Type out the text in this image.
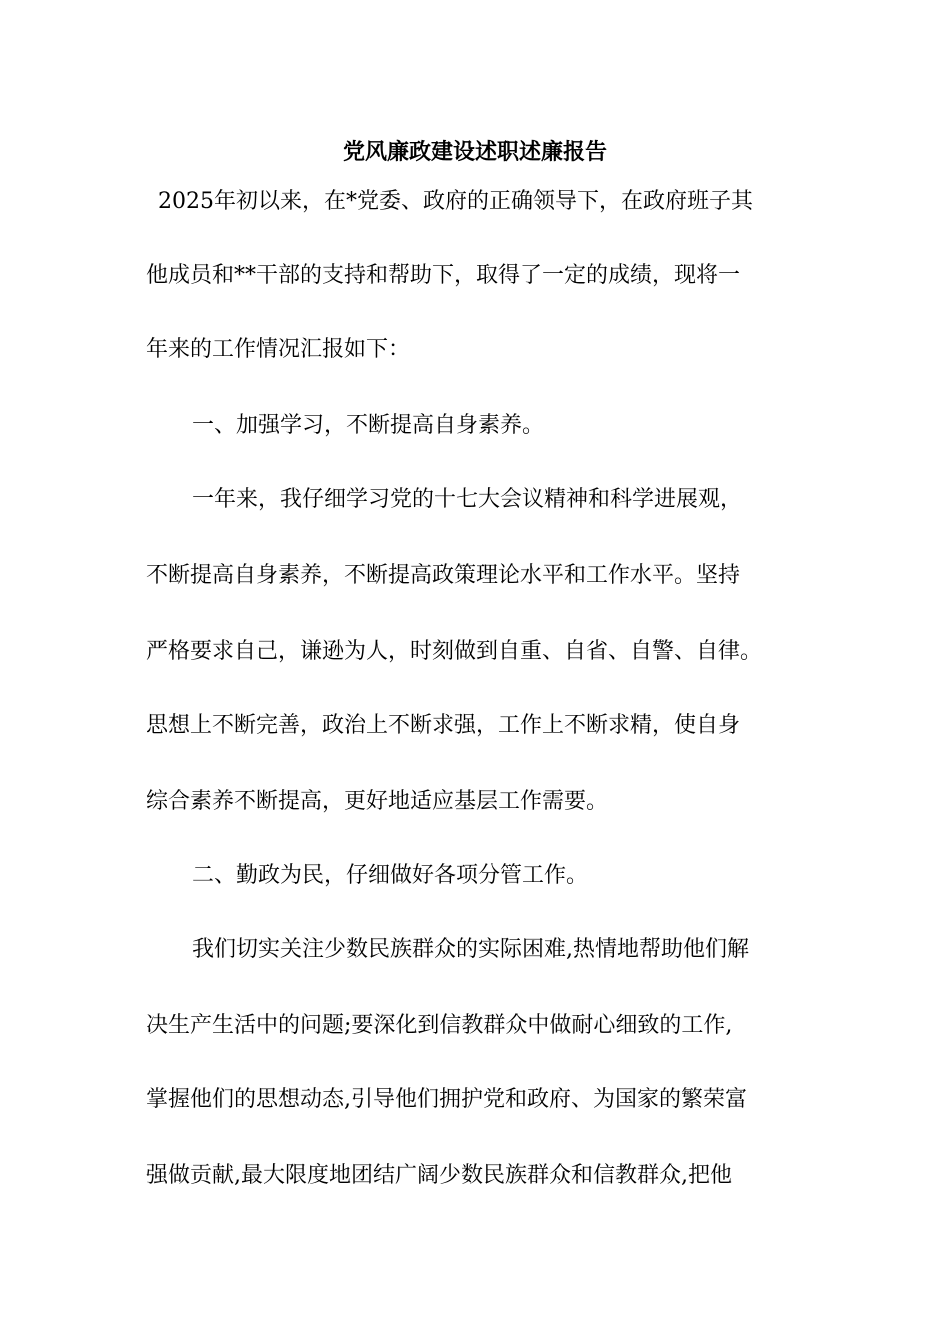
党风廉政建设述职述廉报告

2025年初以来，在*党委、政府的正确领导下，在政府班子其

他成员和**干部的支持和帮助下，取得了一定的成绩，现将一

年来的工作情况汇报如下：

一、加强学习，不断提高自身素养。

一年来，我仔细学习党的十七大会议精神和科学进展观，

不断提高自身素养，不断提高政策理论水平和工作水平。坚持

严格要求自己，谦逊为人，时刻做到自重、自省、自警、自律。

思想上不断完善，政治上不断求强，工作上不断求精，使自身

综合素养不断提高，更好地适应基层工作需要。

二、勤政为民，仔细做好各项分管工作。

我们切实关注少数民族群众的实际困难,热情地帮助他们解

决生产生活中的问题;要深化到信教群众中做耐心细致的工作,

掌握他们的思想动态,引导他们拥护党和政府、为国家的繁荣富

强做贡献,最大限度地团结广阔少数民族群众和信教群众,把他
